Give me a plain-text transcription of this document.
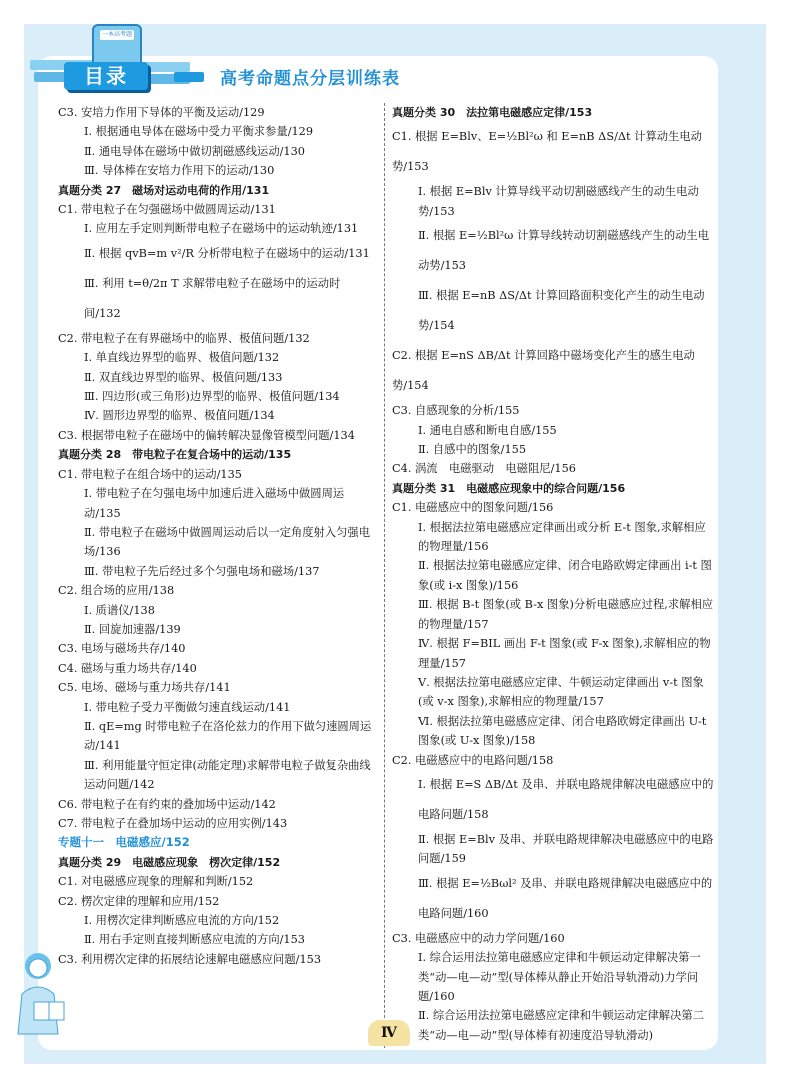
一本高考题
目录	高考命题点分层训练表
C3. 安培力作用下导体的平衡及运动/129
Ⅰ. 根据通电导体在磁场中受力平衡求参量/129
Ⅱ. 通电导体在磁场中做切割磁感线运动/130
Ⅲ. 导体棒在安培力作用下的运动/130
真题分类 27　磁场对运动电荷的作用/131
C1. 带电粒子在匀强磁场中做圆周运动/131
Ⅰ. 应用左手定则判断带电粒子在磁场中的运动轨迹/131
Ⅱ. 根据 qvB=m v²/R 分析带电粒子在磁场中的运动/131
Ⅲ. 利用 t=θ/2π T 求解带电粒子在磁场中的运动时间/132
C2. 带电粒子在有界磁场中的临界、极值问题/132
Ⅰ. 单直线边界型的临界、极值问题/132
Ⅱ. 双直线边界型的临界、极值问题/133
Ⅲ. 四边形(或三角形)边界型的临界、极值问题/134
Ⅳ. 圆形边界型的临界、极值问题/134
C3. 根据带电粒子在磁场中的偏转解决显像管模型问题/134
真题分类 28　带电粒子在复合场中的运动/135
C1. 带电粒子在组合场中的运动/135
Ⅰ. 带电粒子在匀强电场中加速后进入磁场中做圆周运动/135
Ⅱ. 带电粒子在磁场中做圆周运动后以一定角度射入匀强电场/136
Ⅲ. 带电粒子先后经过多个匀强电场和磁场/137
C2. 组合场的应用/138
Ⅰ. 质谱仪/138
Ⅱ. 回旋加速器/139
C3. 电场与磁场共存/140
C4. 磁场与重力场共存/140
C5. 电场、磁场与重力场共存/141
Ⅰ. 带电粒子受力平衡做匀速直线运动/141
Ⅱ. qE=mg 时带电粒子在洛伦兹力的作用下做匀速圆周运动/141
Ⅲ. 利用能量守恒定律(动能定理)求解带电粒子做复杂曲线运动问题/142
C6. 带电粒子在有约束的叠加场中运动/142
C7. 带电粒子在叠加场中运动的应用实例/143
专题十一　电磁感应/152
真题分类 29　电磁感应现象　楞次定律/152
C1. 对电磁感应现象的理解和判断/152
C2. 楞次定律的理解和应用/152
Ⅰ. 用楞次定律判断感应电流的方向/152
Ⅱ. 用右手定则直接判断感应电流的方向/153
C3. 利用楞次定律的拓展结论速解电磁感应问题/153
真题分类 30　法拉第电磁感应定律/153
C1. 根据 E=Blv、E=½Bl²ω 和 E=nB ΔS/Δt 计算动生电动势/153
Ⅰ. 根据 E=Blv 计算导线平动切割磁感线产生的动生电动势/153
Ⅱ. 根据 E=½Bl²ω 计算导线转动切割磁感线产生的动生电动势/153
Ⅲ. 根据 E=nB ΔS/Δt 计算回路面积变化产生的动生电动势/154
C2. 根据 E=nS ΔB/Δt 计算回路中磁场变化产生的感生电动势/154
C3. 自感现象的分析/155
Ⅰ. 通电自感和断电自感/155
Ⅱ. 自感中的图象/155
C4. 涡流　电磁驱动　电磁阻尼/156
真题分类 31　电磁感应现象中的综合问题/156
C1. 电磁感应中的图象问题/156
Ⅰ. 根据法拉第电磁感应定律画出或分析 E-t 图象,求解相应的物理量/156
Ⅱ. 根据法拉第电磁感应定律、闭合电路欧姆定律画出 i-t 图象(或 i-x 图象)/156
Ⅲ. 根据 B-t 图象(或 B-x 图象)分析电磁感应过程,求解相应的物理量/157
Ⅳ. 根据 F=BIL 画出 F-t 图象(或 F-x 图象),求解相应的物理量/157
Ⅴ. 根据法拉第电磁感应定律、牛顿运动定律画出 v-t 图象(或 v-x 图象),求解相应的物理量/157
Ⅵ. 根据法拉第电磁感应定律、闭合电路欧姆定律画出 U-t 图象(或 U-x 图象)/158
C2. 电磁感应中的电路问题/158
Ⅰ. 根据 E=S ΔB/Δt 及串、并联电路规律解决电磁感应中的电路问题/158
Ⅱ. 根据 E=Blv 及串、并联电路规律解决电磁感应中的电路问题/159
Ⅲ. 根据 E=½Bωl² 及串、并联电路规律解决电磁感应中的电路问题/160
C3. 电磁感应中的动力学问题/160
Ⅰ. 综合运用法拉第电磁感应定律和牛顿运动定律解决第一类“动—电—动”型(导体棒从静止开始沿导轨滑动)力学问题/160
Ⅱ. 综合运用法拉第电磁感应定律和牛顿运动定律解决第二类“动—电—动”型(导体棒有初速度沿导轨滑动)
Ⅳ
